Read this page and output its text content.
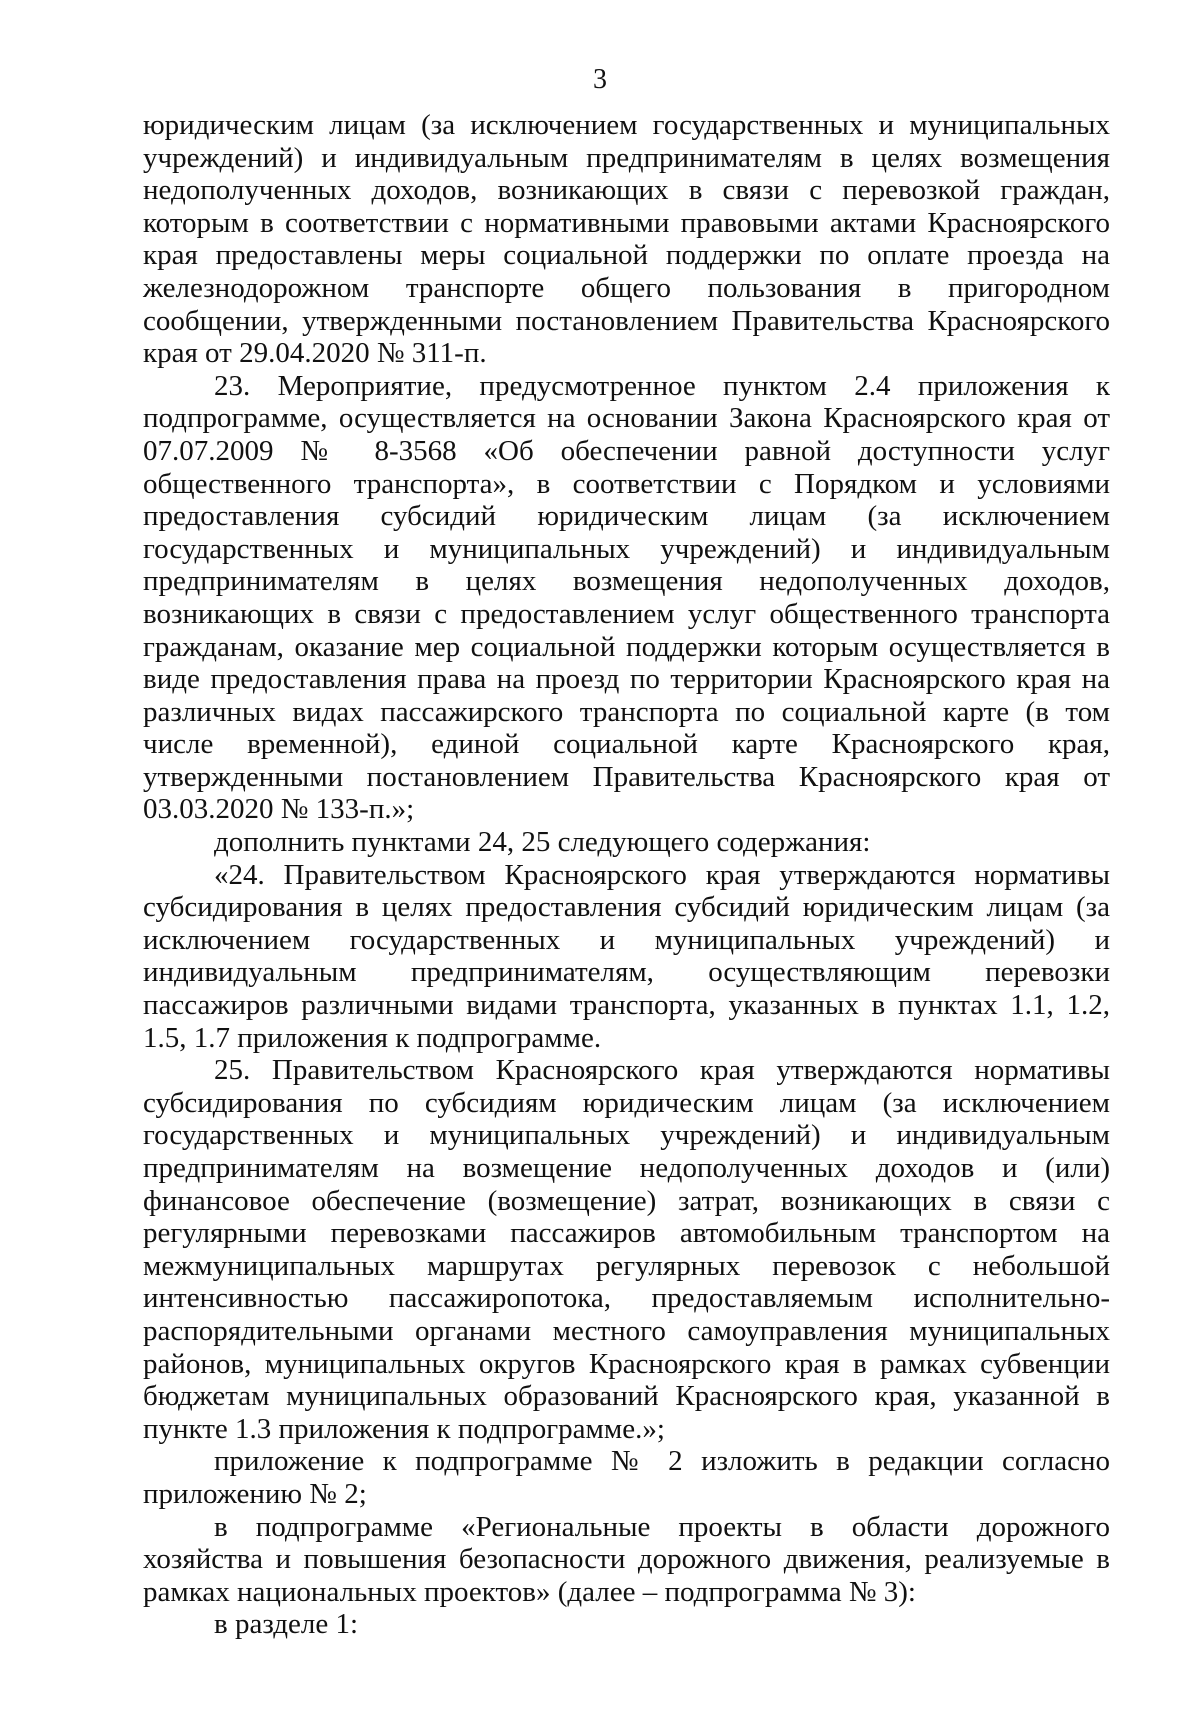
3

юридическим лицам (за исключением государственных и муниципальных учреждений) и индивидуальным предпринимателям в целях возмещения недополученных доходов, возникающих в связи с перевозкой граждан, которым в соответствии с нормативными правовыми актами Красноярского края предоставлены меры социальной поддержки по оплате проезда на железнодорожном транспорте общего пользования в пригородном сообщении, утвержденными постановлением Правительства Красноярского края от 29.04.2020 № 311-п.

23. Мероприятие, предусмотренное пунктом 2.4 приложения к подпрограмме, осуществляется на основании Закона Красноярского края от 07.07.2009 № 8-3568 «Об обеспечении равной доступности услуг общественного транспорта», в соответствии с Порядком и условиями предоставления субсидий юридическим лицам (за исключением государственных и муниципальных учреждений) и индивидуальным предпринимателям в целях возмещения недополученных доходов, возникающих в связи с предоставлением услуг общественного транспорта гражданам, оказание мер социальной поддержки которым осуществляется в виде предоставления права на проезд по территории Красноярского края на различных видах пассажирского транспорта по социальной карте (в том числе временной), единой социальной карте Красноярского края, утвержденными постановлением Правительства Красноярского края от 03.03.2020 № 133-п.»;

дополнить пунктами 24, 25 следующего содержания:

«24. Правительством Красноярского края утверждаются нормативы субсидирования в целях предоставления субсидий юридическим лицам (за исключением государственных и муниципальных учреждений) и индивидуальным предпринимателям, осуществляющим перевозки пассажиров различными видами транспорта, указанных в пунктах 1.1, 1.2, 1.5, 1.7 приложения к подпрограмме.

25. Правительством Красноярского края утверждаются нормативы субсидирования по субсидиям юридическим лицам (за исключением государственных и муниципальных учреждений) и индивидуальным предпринимателям на возмещение недополученных доходов и (или) финансовое обеспечение (возмещение) затрат, возникающих в связи с регулярными перевозками пассажиров автомобильным транспортом на межмуниципальных маршрутах регулярных перевозок с небольшой интенсивностью пассажиропотока, предоставляемым исполнительно-распорядительными органами местного самоуправления муниципальных районов, муниципальных округов Красноярского края в рамках субвенции бюджетам муниципальных образований Красноярского края, указанной в пункте 1.3 приложения к подпрограмме.»;

приложение к подпрограмме № 2 изложить в редакции согласно приложению № 2;

в подпрограмме «Региональные проекты в области дорожного хозяйства и повышения безопасности дорожного движения, реализуемые в рамках национальных проектов» (далее – подпрограмма № 3):

в разделе 1:
